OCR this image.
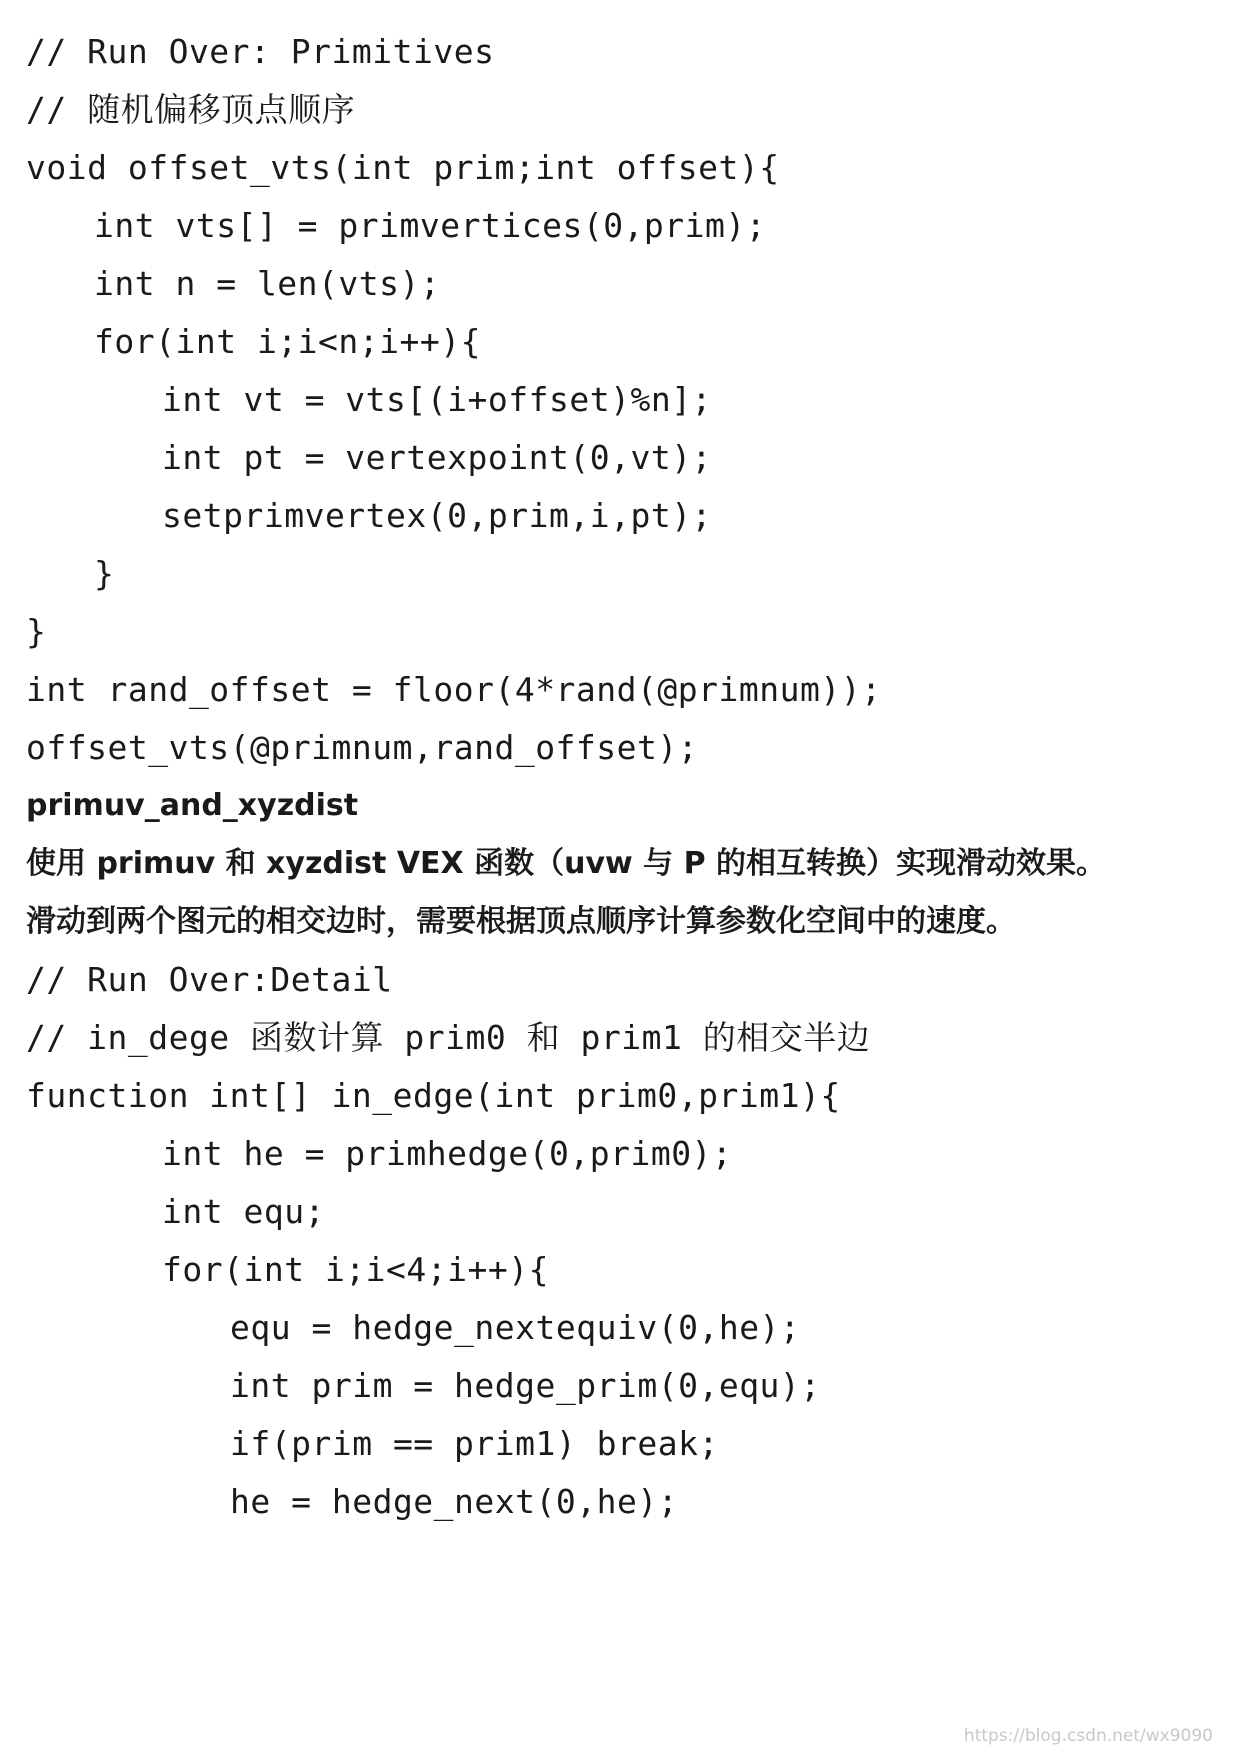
// Run Over: Primitives
// 随机偏移顶点顺序
void offset_vts(int prim;int offset){
int vts[] = primvertices(0,prim);
int n = len(vts);
for(int i;i<n;i++){
int vt = vts[(i+offset)%n];
int pt = vertexpoint(0,vt);
setprimvertex(0,prim,i,pt);
}
}
int rand_offset = floor(4*rand(@primnum));
offset_vts(@primnum,rand_offset);
primuv_and_xyzdist
使用 primuv 和 xyzdist VEX 函数（uvw 与 P 的相互转换）实现滑动效果。
滑动到两个图元的相交边时，需要根据顶点顺序计算参数化空间中的速度。
// Run Over:Detail
// in_dege 函数计算 prim0 和 prim1 的相交半边
function int[] in_edge(int prim0,prim1){
int he = primhedge(0,prim0);
int equ;
for(int i;i<4;i++){
equ = hedge_nextequiv(0,he);
int prim = hedge_prim(0,equ);
if(prim == prim1) break;
he = hedge_next(0,he);
https://blog.csdn.net/wx9090
